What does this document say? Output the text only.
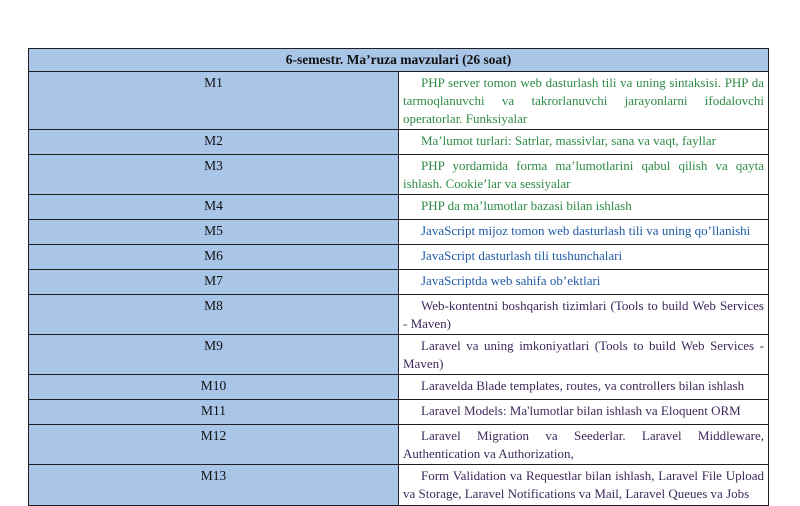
6-semestr. Ma’ruza mavzulari (26 soat)	
M1	PHP server tomon web dasturlash tili va uning sintaksisi. PHP da tarmoqlanuvchi va takrorlanuvchi jarayonlarni ifodalovchi operatorlar. Funksiyalar
M2	Ma’lumot turlari: Satrlar, massivlar, sana va vaqt, fayllar
M3	PHP yordamida forma ma’lumotlarini qabul qilish va qayta ishlash. Cookie’lar va sessiyalar
M4	PHP da ma’lumotlar bazasi bilan ishlash
M5	JavaScript mijoz tomon web dasturlash tili va uning qo’llanishi
M6	JavaScript dasturlash tili tushunchalari
M7	JavaScriptda web sahifa ob’ektlari
M8	Web-kontentni boshqarish tizimlari (Tools to build Web Services - Maven)
M9	Laravel va uning imkoniyatlari (Tools to build Web Services - Maven)
M10	Laravelda Blade templates, routes, va controllers bilan ishlash
M11	Laravel Models: Ma'lumotlar bilan ishlash va Eloquent ORM
M12	Laravel Migration va Seederlar. Laravel Middleware, Authentication va Authorization,
M13	Form Validation va Requestlar bilan ishlash, Laravel File Upload va Storage, Laravel Notifications va Mail, Laravel Queues va Jobs
